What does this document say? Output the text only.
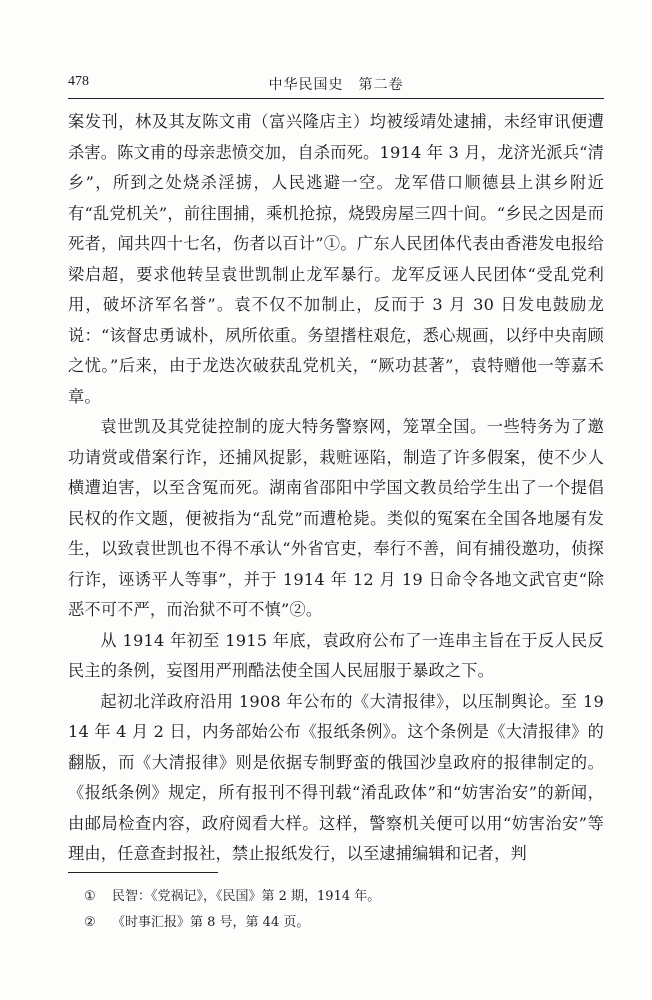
478	中华民国史　第二卷

案发刊，林及其友陈文甫（富兴隆店主）均被绥靖处逮捕，未经审讯便遭杀害。陈文甫的母亲悲愤交加，自杀而死。1914 年 3 月，龙济光派兵“清乡”，所到之处烧杀淫掳，人民逃避一空。龙军借口顺德县上淇乡附近有“乱党机关”，前往围捕，乘机抢掠，烧毁房屋三四十间。“乡民之因是而死者，闻共四十七名，伤者以百计”①。广东人民团体代表由香港发电报给梁启超，要求他转呈袁世凯制止龙军暴行。龙军反诬人民团体“受乱党利用，破坏济军名誉”。袁不仅不加制止，反而于 3 月 30 日发电鼓励龙说：“该督忠勇诚朴，夙所依重。务望搘柱艰危，悉心规画，以纾中央南顾之忧。”后来，由于龙迭次破获乱党机关，“厥功甚著”，袁特赠他一等嘉禾章。

袁世凯及其党徒控制的庞大特务警察网，笼罩全国。一些特务为了邀功请赏或借案行诈，还捕风捉影，栽赃诬陷，制造了许多假案，使不少人横遭迫害，以至含冤而死。湖南省邵阳中学国文教员给学生出了一个提倡民权的作文题，便被指为“乱党”而遭枪毙。类似的冤案在全国各地屡有发生，以致袁世凯也不得不承认“外省官吏，奉行不善，间有捕役邀功，侦探行诈，诬诱平人等事”，并于 1914 年 12 月 19 日命令各地文武官吏“除恶不可不严，而治狱不可不慎”②。

从 1914 年初至 1915 年底，袁政府公布了一连串主旨在于反人民反民主的条例，妄图用严刑酷法使全国人民屈服于暴政之下。

起初北洋政府沿用 1908 年公布的《大清报律》，以压制舆论。至 1914 年 4 月 2 日，内务部始公布《报纸条例》。这个条例是《大清报律》的翻版，而《大清报律》则是依据专制野蛮的俄国沙皇政府的报律制定的。《报纸条例》规定，所有报刊不得刊载“淆乱政体”和“妨害治安”的新闻，由邮局检查内容，政府阅看大样。这样，警察机关便可以用“妨害治安”等理由，任意查封报社，禁止报纸发行，以至逮捕编辑和记者，判

① 民智：《党祸记》，《民国》第 2 期，1914 年。
② 《时事汇报》第 8 号，第 44 页。
